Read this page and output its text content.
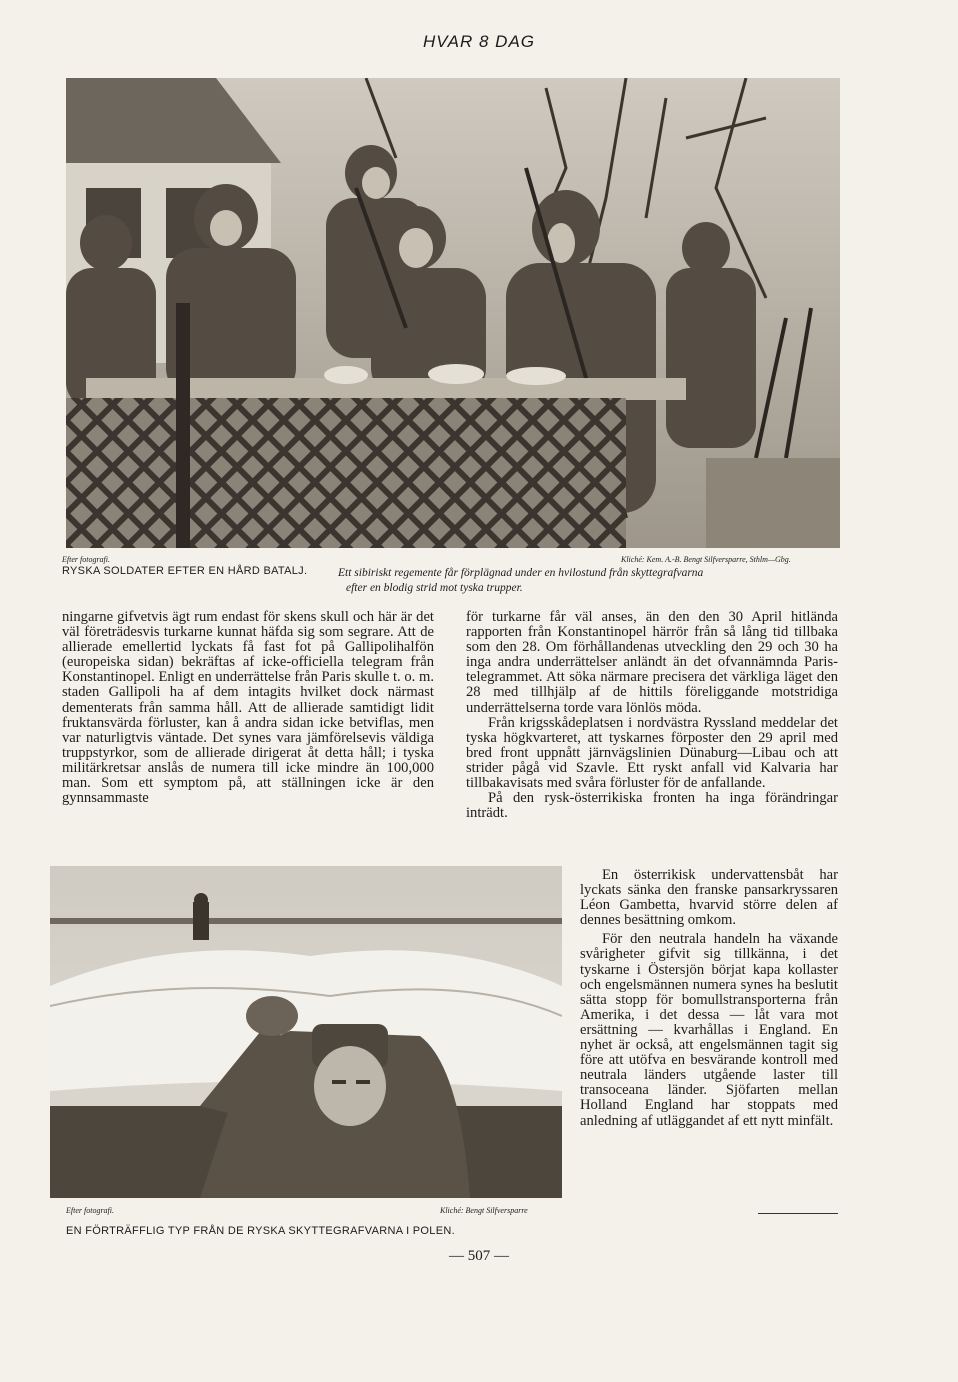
HVAR 8 DAG
Efter fotografi.	Kliché: Kem. A.-B. Bengt Silfversparre, Sthlm—Gbg.
RYSKA SOLDATER EFTER EN HÅRD BATALJ.	Ett sibiriskt regemente får förplägnad under en hvilostund från skyttegrafvarna
efter en blodig strid mot tyska trupper.

ningarne gifvetvis ägt rum endast för skens skull och här är det väl företrädesvis turkarne kunnat häfda sig som segrare. Att de allierade emellertid lyckats få fast fot på Gallipolihalfön (europeiska sidan) bekräftas af icke-officiella telegram från Konstantinopel. Enligt en underrättelse från Paris skulle t. o. m. staden Gallipoli ha af dem intagits hvilket dock närmast dementerats från samma håll. Att de allierade samtidigt lidit fruktansvärda förluster, kan å andra sidan icke betviflas, men var naturligtvis väntade. Det synes vara jämförelsevis väldiga truppstyrkor, som de allierade dirigerat åt detta håll; i tyska militärkretsar anslås de numera till icke mindre än 100,000 man. Som ett symptom på, att ställningen icke är den gynnsammaste

för turkarne får väl anses, än den den 30 April hitlända rapporten från Konstantinopel härrör från så lång tid tillbaka som den 28. Om förhållandenas utveckling den 29 och 30 ha inga andra underrättelser anländt än det ofvannämnda Paris-telegrammet. Att söka närmare precisera det värkliga läget den 28 med tillhjälp af de hittils föreliggande motstridiga underrättelserna torde vara lönlös möda.

Från krigsskådeplatsen i nordvästra Ryssland meddelar det tyska högkvarteret, att tyskarnes förposter den 29 april med bred front uppnått järnvägslinien Dünaburg—Libau och att strider pågå vid Szavle. Ett ryskt anfall vid Kalvaria har tillbakavisats med svåra förluster för de anfallande.

På den rysk-österrikiska fronten ha inga förändringar inträdt.

En österrikisk undervattensbåt har lyckats sänka den franske pansarkryssaren Léon Gambetta, hvarvid större delen af dennes besättning omkom.

För den neutrala handeln ha växande svårigheter gifvit sig tillkänna, i det tyskarne i Östersjön börjat kapa kollaster och engelsmännen numera synes ha beslutit sätta stopp för bomullstransporterna från Amerika, i det dessa — låt vara mot ersättning — kvarhållas i England. En nyhet är också, att engelsmännen tagit sig före att utöfva en besvärande kontroll med neutrala länders utgående laster till transoceana länder. Sjöfarten mellan Holland England har stoppats med anledning af utläggandet af ett nytt minfält.

Efter fotografi.	Kliché: Bengt Silfversparre
EN FÖRTRÄFFLIG TYP FRÅN DE RYSKA SKYTTEGRAFVARNA I POLEN.
— 507 —
